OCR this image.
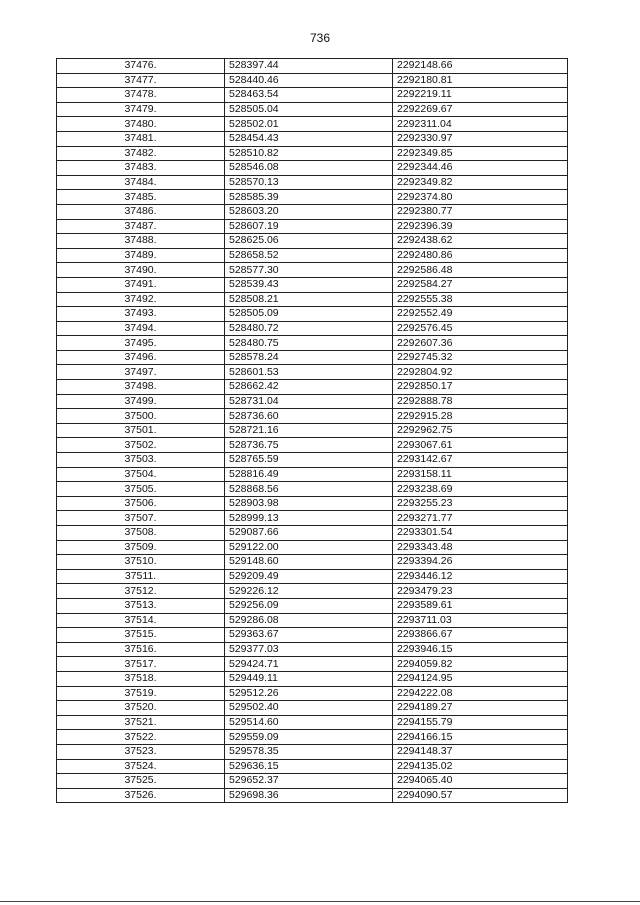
736
37476.	528397.44	2292148.66
37477.	528440.46	2292180.81
37478.	528463.54	2292219.11
37479.	528505.04	2292269.67
37480.	528502.01	2292311.04
37481.	528454.43	2292330.97
37482.	528510.82	2292349.85
37483.	528546.08	2292344.46
37484.	528570.13	2292349.82
37485.	528585.39	2292374.80
37486.	528603.20	2292380.77
37487.	528607.19	2292396.39
37488.	528625.06	2292438.62
37489.	528658.52	2292480.86
37490.	528577.30	2292586.48
37491.	528539.43	2292584.27
37492.	528508.21	2292555.38
37493.	528505.09	2292552.49
37494.	528480.72	2292576.45
37495.	528480.75	2292607.36
37496.	528578.24	2292745.32
37497.	528601.53	2292804.92
37498.	528662.42	2292850.17
37499.	528731.04	2292888.78
37500.	528736.60	2292915.28
37501.	528721.16	2292962.75
37502.	528736.75	2293067.61
37503.	528765.59	2293142.67
37504.	528816.49	2293158.11
37505.	528868.56	2293238.69
37506.	528903.98	2293255.23
37507.	528999.13	2293271.77
37508.	529087.66	2293301.54
37509.	529122.00	2293343.48
37510.	529148.60	2293394.26
37511.	529209.49	2293446.12
37512.	529226.12	2293479.23
37513.	529256.09	2293589.61
37514.	529286.08	2293711.03
37515.	529363.67	2293866.67
37516.	529377.03	2293946.15
37517.	529424.71	2294059.82
37518.	529449.11	2294124.95
37519.	529512.26	2294222.08
37520.	529502.40	2294189.27
37521.	529514.60	2294155.79
37522.	529559.09	2294166.15
37523.	529578.35	2294148.37
37524.	529636.15	2294135.02
37525.	529652.37	2294065.40
37526.	529698.36	2294090.57
